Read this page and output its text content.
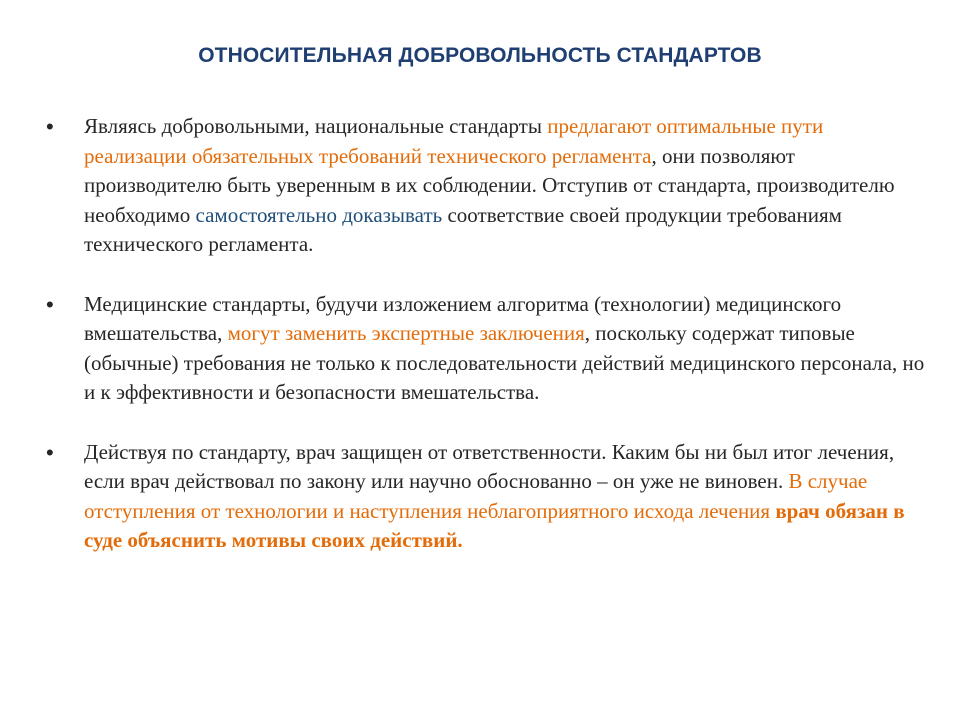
ОТНОСИТЕЛЬНАЯ ДОБРОВОЛЬНОСТЬ СТАНДАРТОВ
• Являясь добровольными, национальные стандарты предлагают оптимальные пути реализации обязательных требований технического регламента, они позволяют производителю быть уверенным в их соблюдении. Отступив от стандарта, производителю необходимо самостоятельно доказывать соответствие своей продукции требованиям технического регламента.
• Медицинские стандарты, будучи изложением алгоритма (технологии) медицинского вмешательства, могут заменить экспертные заключения, поскольку содержат типовые (обычные) требования не только к последовательности действий медицинского персонала, но и к эффективности и безопасности вмешательства.
• Действуя по стандарту, врач защищен от ответственности. Каким бы ни был итог лечения, если врач действовал по закону или научно обоснованно – он уже не виновен. В случае отступления от технологии и наступления неблагоприятного исхода лечения врач обязан в суде объяснить мотивы своих действий.
